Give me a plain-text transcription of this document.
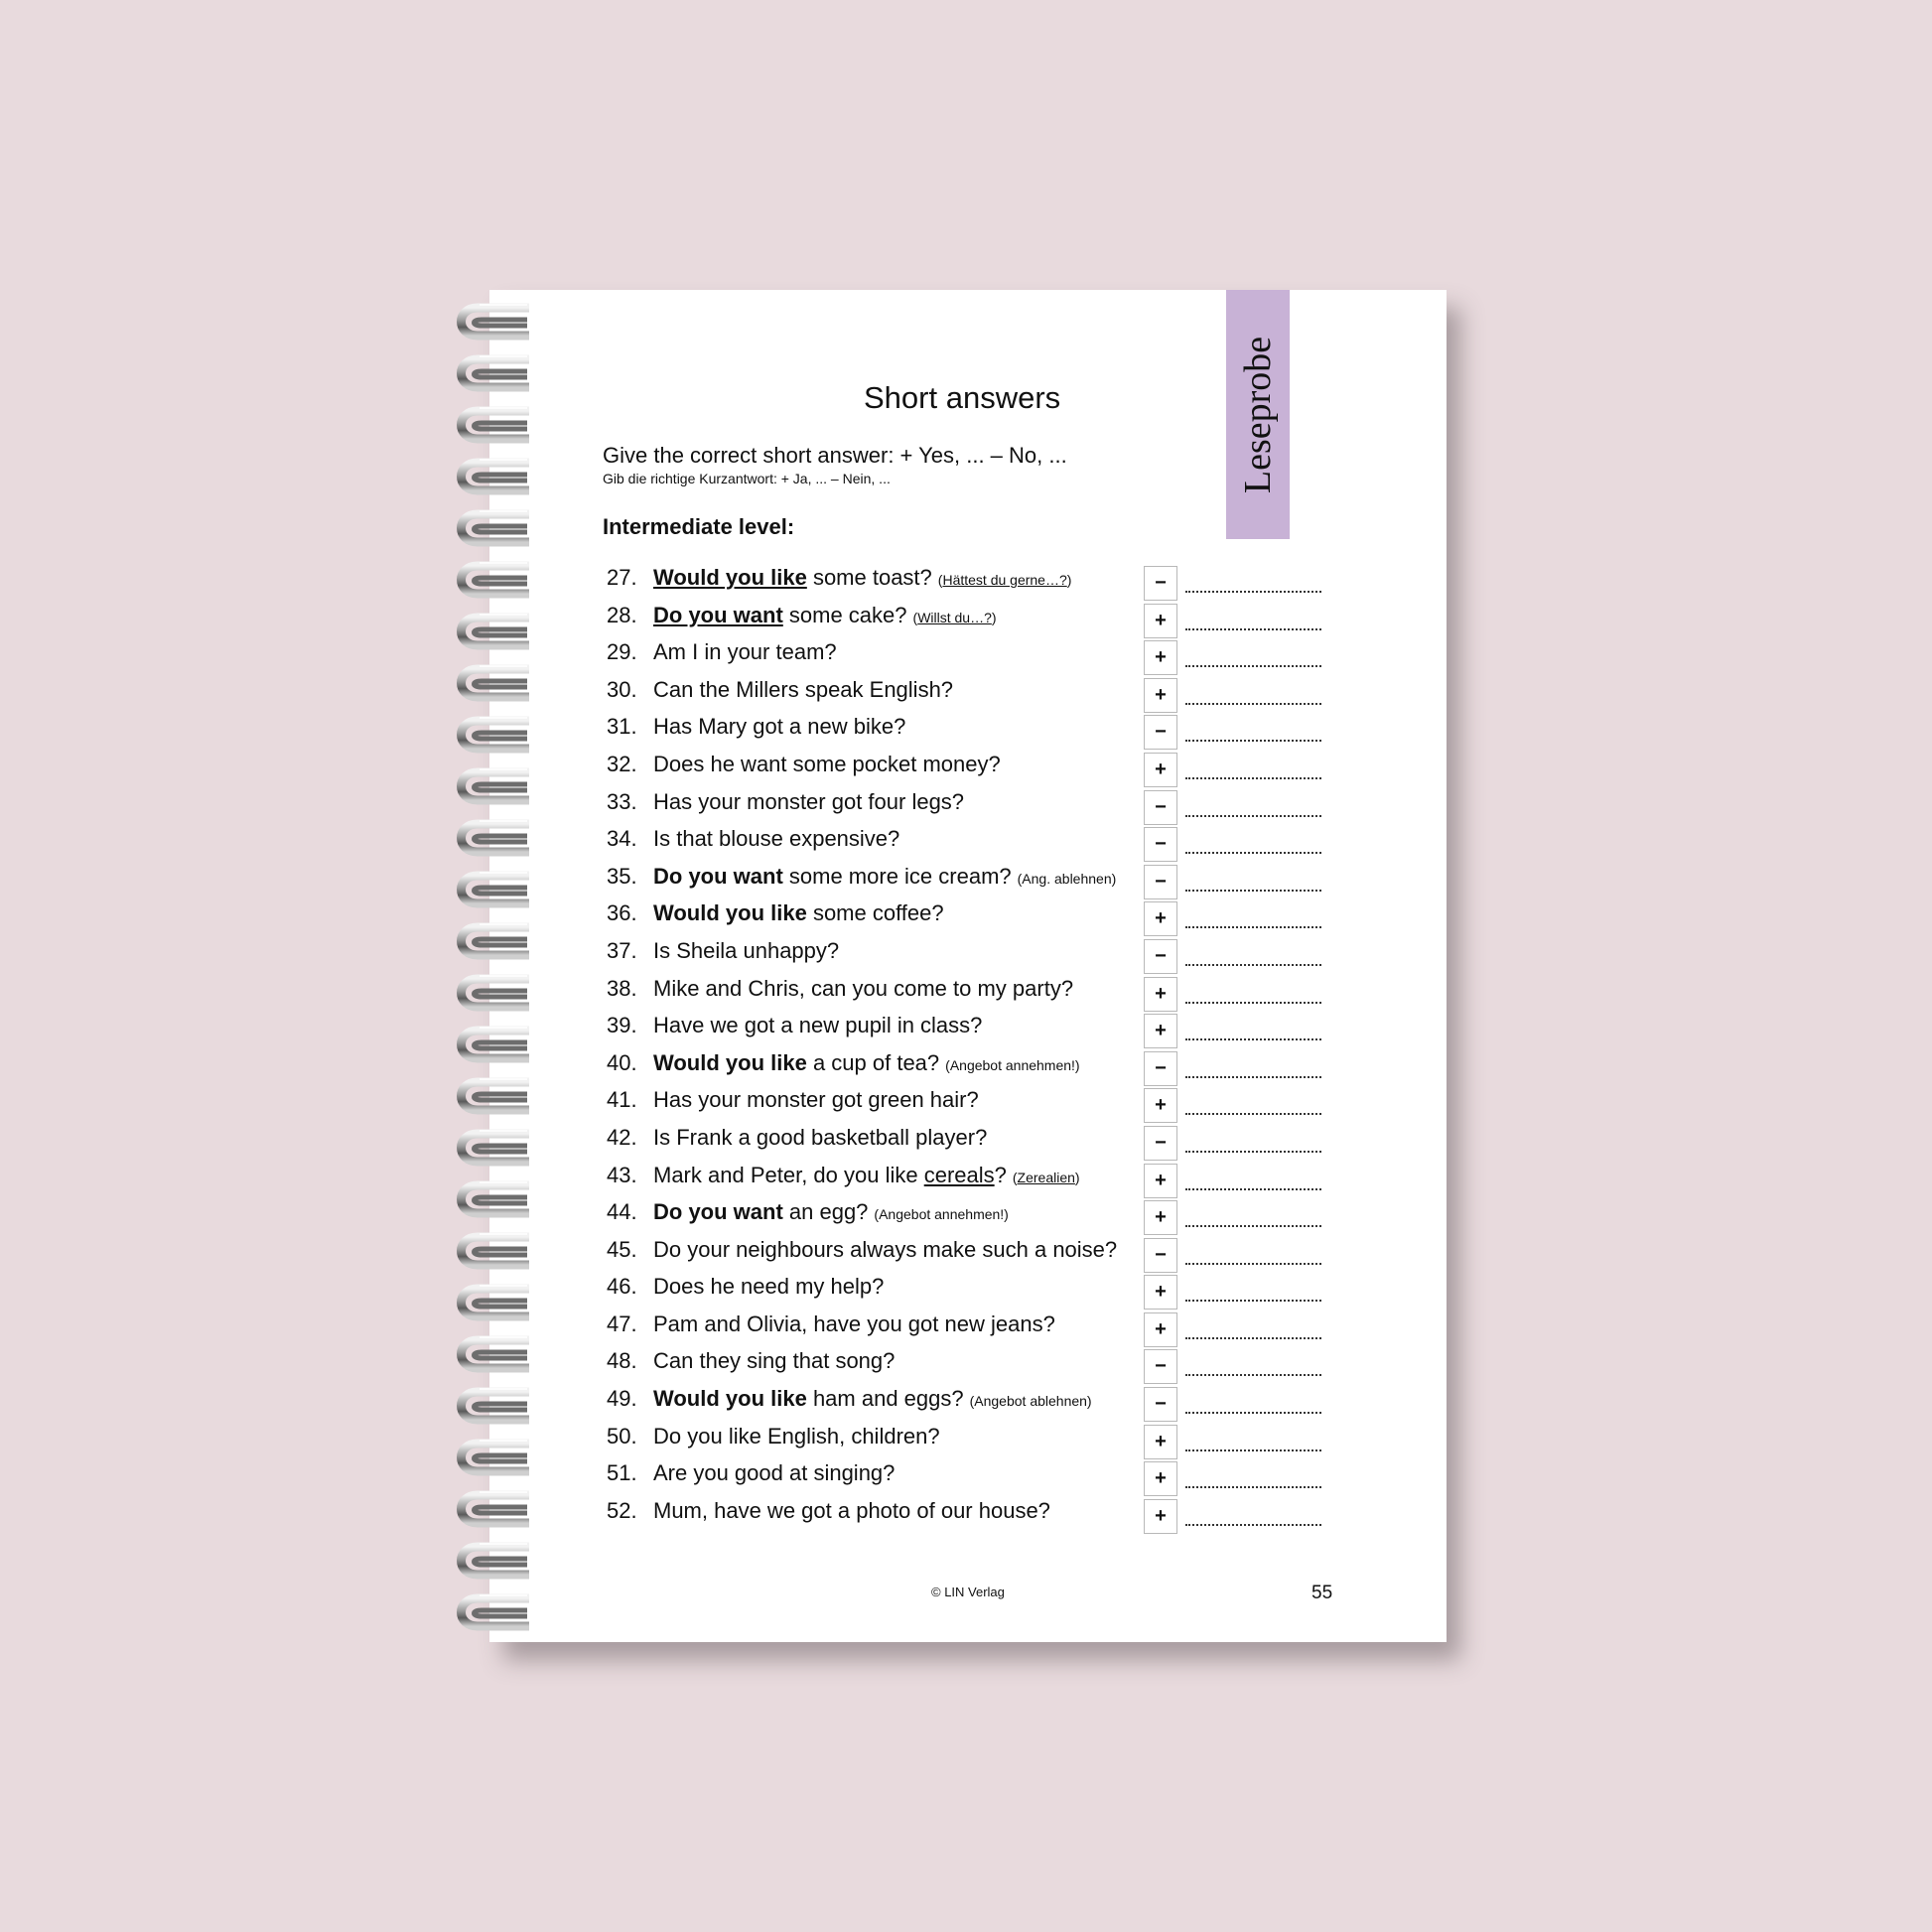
Leseprobe
Short answers
Give the correct short answer: + Yes, ... – No, ...
Gib die richtige Kurzantwort: + Ja, ... – Nein, ...
Intermediate level:
27. Would you like some toast? (Hättest du gerne…?)	−
28. Do you want some cake? (Willst du…?)	+
29. Am I in your team?	+
30. Can the Millers speak English?	+
31. Has Mary got a new bike?	−
32. Does he want some pocket money?	+
33. Has your monster got four legs?	−
34. Is that blouse expensive?	−
35. Do you want some more ice cream? (Ang. ablehnen)	−
36. Would you like some coffee?	+
37. Is Sheila unhappy?	−
38. Mike and Chris, can you come to my party?	+
39. Have we got a new pupil in class?	+
40. Would you like a cup of tea? (Angebot annehmen!)	−
41. Has your monster got green hair?	+
42. Is Frank a good basketball player?	−
43. Mark and Peter, do you like cereals? (Zerealien)	+
44. Do you want an egg? (Angebot annehmen!)	+
45. Do your neighbours always make such a noise?	−
46. Does he need my help?	+
47. Pam and Olivia, have you got new jeans?	+
48. Can they sing that song?	−
49. Would you like ham and eggs? (Angebot ablehnen)	−
50. Do you like English, children?	+
51. Are you good at singing?	+
52. Mum, have we got a photo of our house?	+
© LIN Verlag	55
